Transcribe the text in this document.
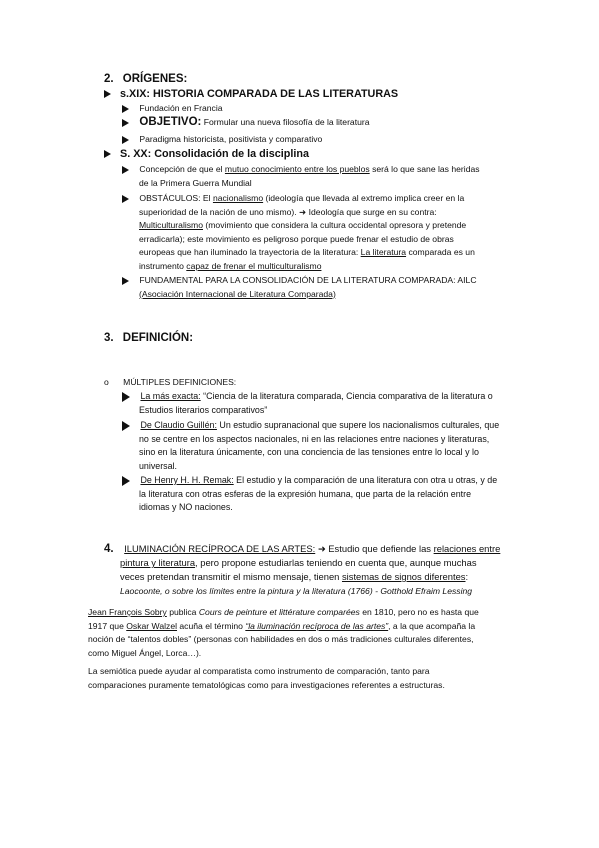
2. ORÍGENES:
s.XIX: HISTORIA COMPARADA DE LAS LITERATURAS
Fundación en Francia
OBJETIVO: Formular una nueva filosofía de la literatura
Paradigma historicista, positivista y comparativo
S. XX: Consolidación de la disciplina
Concepción de que el mutuo conocimiento entre los pueblos será lo que sane las heridas
de la Primera Guerra Mundial
OBSTÁCULOS: El nacionalismo (ideología que llevada al extremo implica creer en la
superioridad de la nación de uno mismo). ➜ Ideología que surge en su contra:
Multiculturalismo (movimiento que considera la cultura occidental opresora y pretende
erradicarla); este movimiento es peligroso porque puede frenar el estudio de obras
europeas que han iluminado la trayectoria de la literatura: La literatura comparada es un
instrumento capaz de frenar el multiculturalismo
FUNDAMENTAL PARA LA CONSOLIDACIÓN DE LA LITERATURA COMPARADA: AILC
(Asociación Internacional de Literatura Comparada)
3. DEFINICIÓN:
o MÚLTIPLES DEFINICIONES:
La más exacta: “Ciencia de la literatura comparada, Ciencia comparativa de la literatura o
Estudios literarios comparativos”
De Claudio Guillén: Un estudio supranacional que supere los nacionalismos culturales, que
no se centre en los aspectos nacionales, ni en las relaciones entre naciones y literaturas,
sino en la literatura únicamente, con una conciencia de las tensiones entre lo local y lo
universal.
De Henry H. H. Remak: El estudio y la comparación de una literatura con otra u otras, y de
la literatura con otras esferas de la expresión humana, que parta de la relación entre
idiomas y NO naciones.
4. ILUMINACIÓN RECÍPROCA DE LAS ARTES: ➜ Estudio que defiende las relaciones entre
pintura y literatura, pero propone estudiarlas teniendo en cuenta que, aunque muchas
veces pretendan transmitir el mismo mensaje, tienen sistemas de signos diferentes:
Laocoonte, o sobre los límites entre la pintura y la literatura (1766) - Gotthold Efraim Lessing
Jean François Sobry publica Cours de peinture et littérature comparées en 1810, pero no es hasta que
1917 que Oskar Walzel acuña el término “la iluminación recíproca de las artes”, a la que acompaña la
noción de “talentos dobles” (personas con habilidades en dos o más tradiciones culturales diferentes,
como Miguel Ángel, Lorca…).
La semiótica puede ayudar al comparatista como instrumento de comparación, tanto para
comparaciones puramente tematológicas como para investigaciones referentes a estructuras.
